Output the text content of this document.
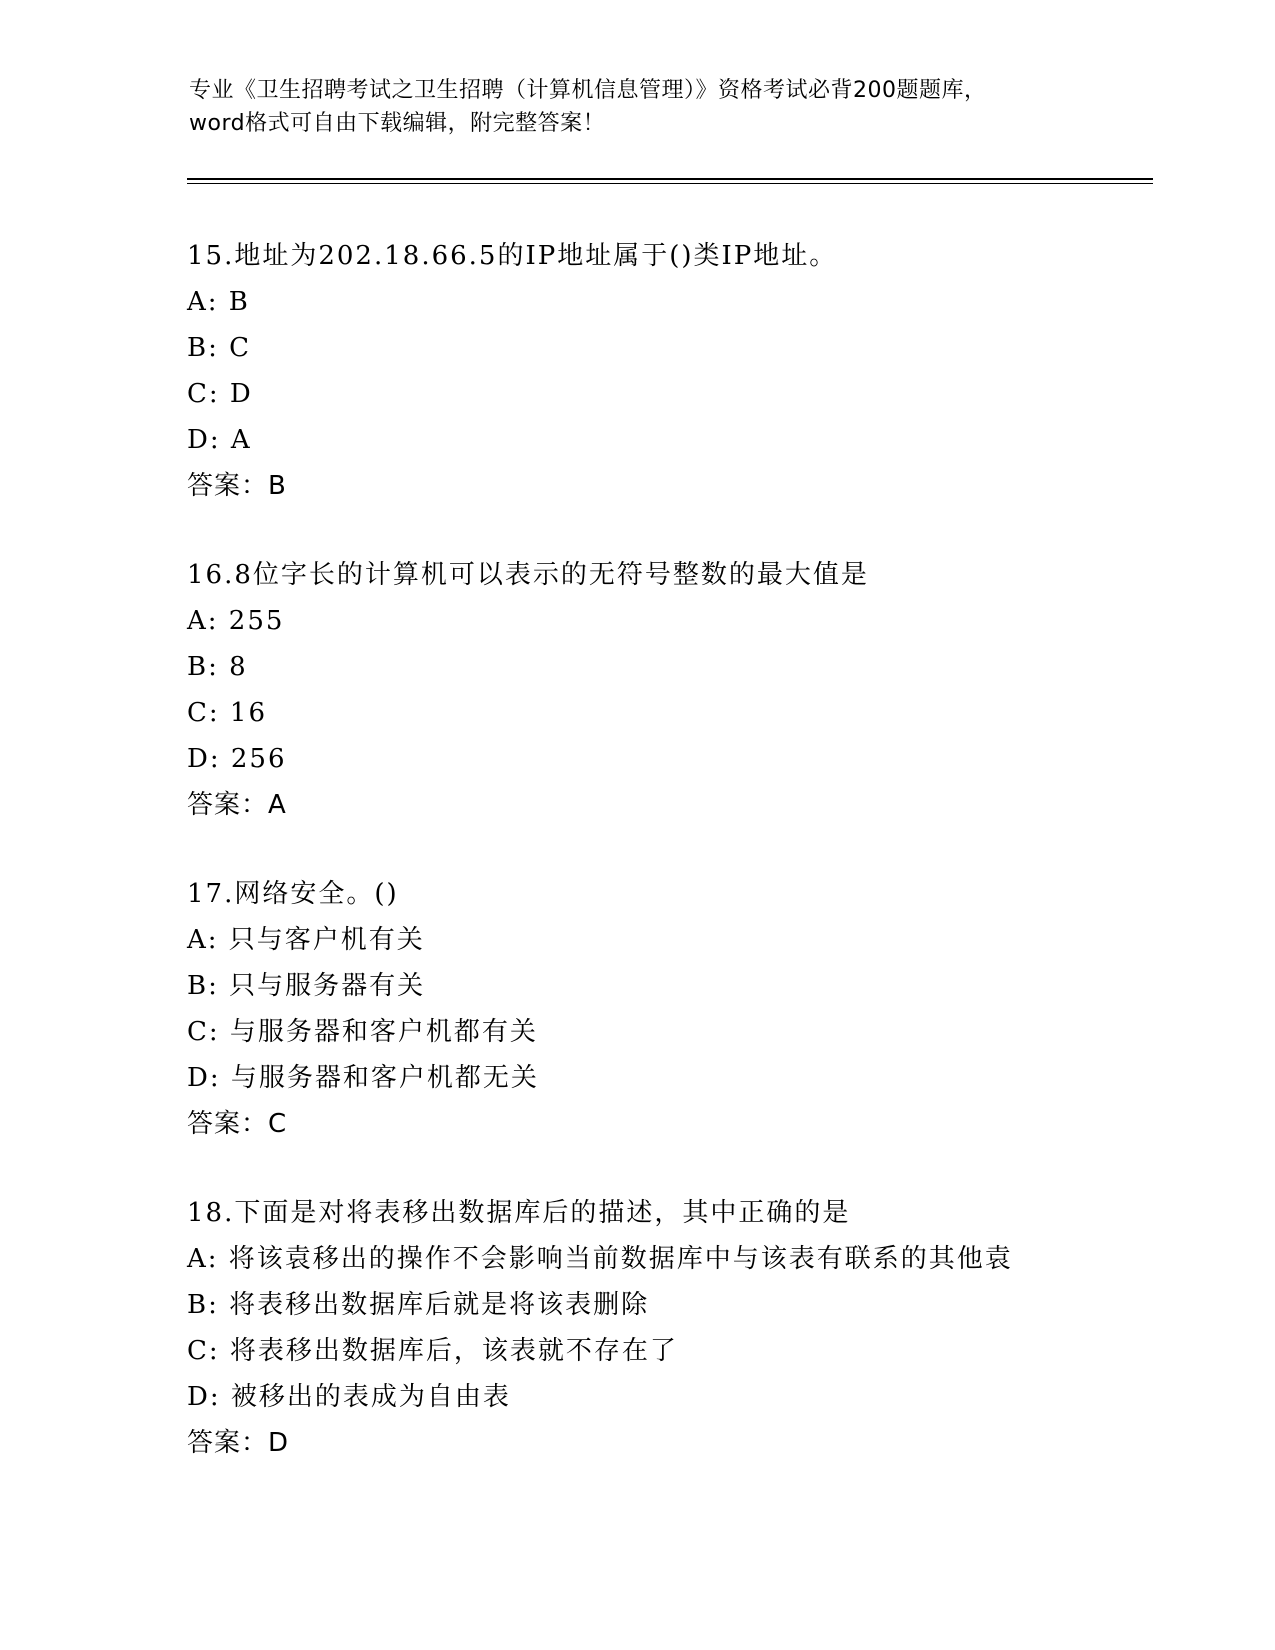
专业《卫生招聘考试之卫生招聘（计算机信息管理）》资格考试必背200题题库，
word格式可自由下载编辑，附完整答案！
15.地址为202.18.66.5的IP地址属于()类IP地址。
A: B
B: C
C: D
D: A
答案：B
16.8位字长的计算机可以表示的无符号整数的最大值是
A: 255
B: 8
C: 16
D: 256
答案：A
17.网络安全。()
A: 只与客户机有关
B: 只与服务器有关
C: 与服务器和客户机都有关
D: 与服务器和客户机都无关
答案：C
18.下面是对将表移出数据库后的描述，其中正确的是
A: 将该袁移出的操作不会影响当前数据库中与该表有联系的其他袁
B: 将表移出数据库后就是将该表删除
C: 将表移出数据库后，该表就不存在了
D: 被移出的表成为自由表
答案：D
